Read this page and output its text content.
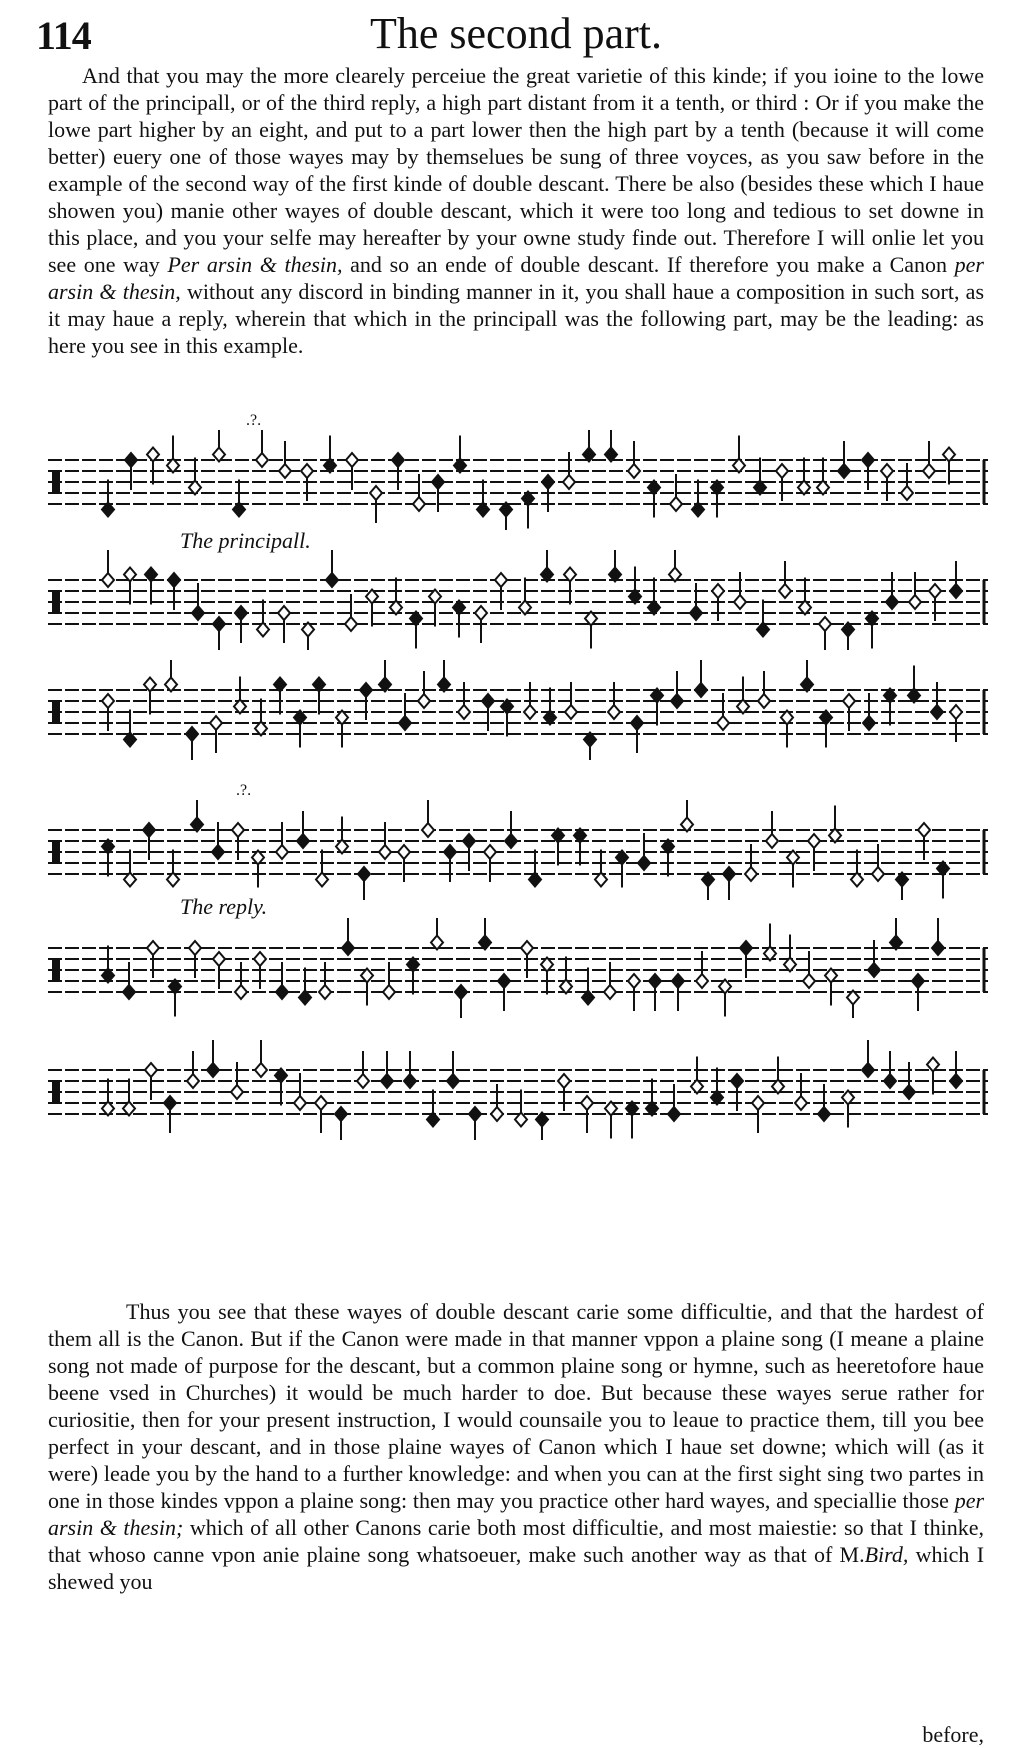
114	The second part.
And that you may the more clearely perceiue the great varietie of this kinde; if you ioine to the lowe part of the principall, or of the third reply, a high part distant from it a tenth, or third : Or if you make the lowe part higher by an eight, and put to a part lower then the high part by a tenth (because it will come better) euery one of those wayes may by themselues be sung of three voyces, as you saw before in the example of the second way of the first kinde of double descant. There be also (besides these which I haue showen you) manie other wayes of double descant, which it were too long and tedious to set downe in this place, and you your selfe may hereafter by your owne study finde out. Therefore I will onlie let you see one way Per arsin & thesin, and so an ende of double descant. If therefore you make a Canon per arsin & thesin, without any discord in binding manner in it, you shall haue a composition in such sort, as it may haue a reply, wherein that which in the principall was the following part, may be the leading: as here you see in this example.
The principall.
.?.
.?.
The reply.
Thus you see that these wayes of double descant carie some difficultie, and that the hardest of them all is the Canon. But if the Canon were made in that manner vppon a plaine song (I meane a plaine song not made of purpose for the descant, but a common plaine song or hymne, such as heeretofore haue beene vsed in Churches) it would be much harder to doe. But because these wayes serue rather for curiositie, then for your present instruction, I would counsaile you to leaue to practice them, till you bee perfect in your descant, and in those plaine wayes of Canon which I haue set downe; which will (as it were) leade you by the hand to a further knowledge: and when you can at the first sight sing two partes in one in those kindes vppon a plaine song: then may you practice other hard wayes, and speciallie those per arsin & thesin; which of all other Canons carie both most difficultie, and most maiestie: so that I thinke, that whoso canne vpon anie plaine song whatsoeuer, make such another way as that of M.Bird, which I shewed you
before,
